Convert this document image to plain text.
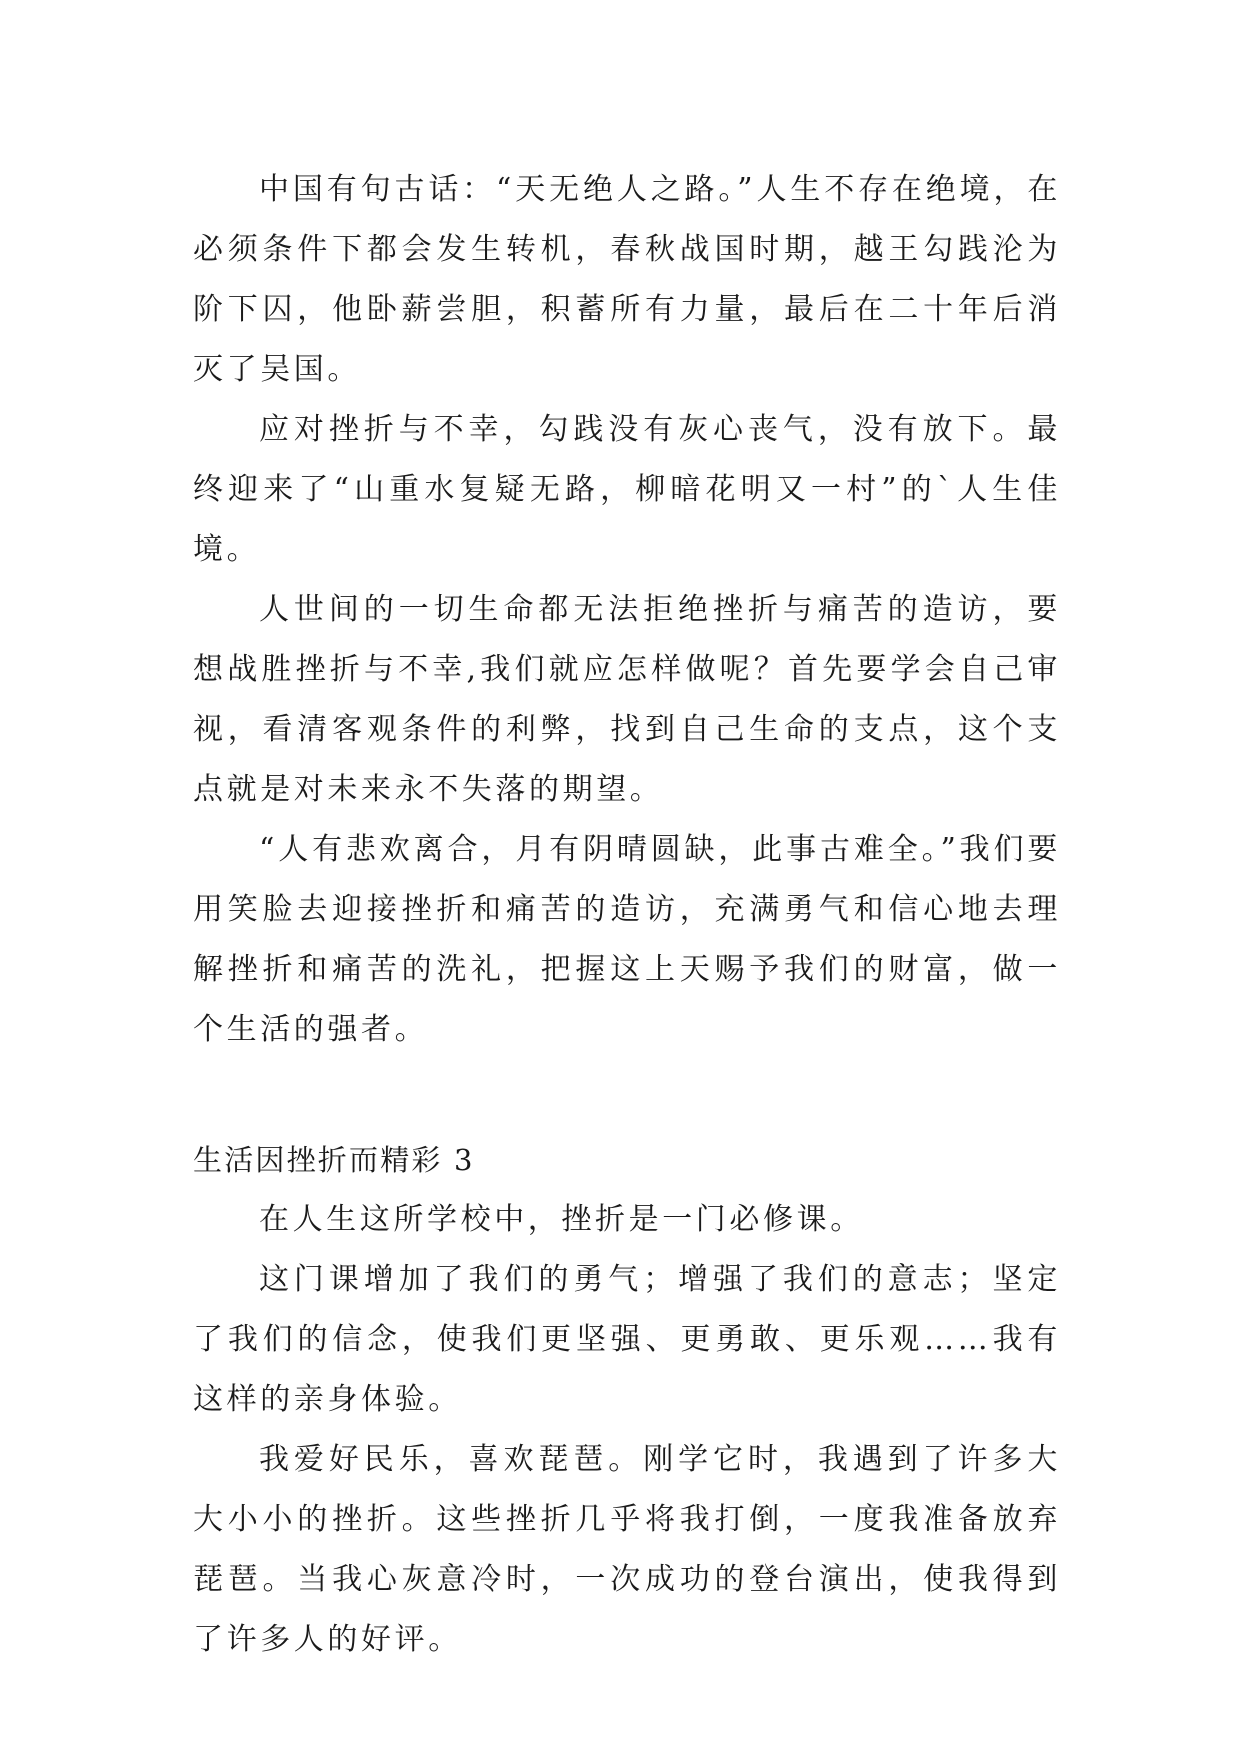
中国有句古话：“天无绝人之路。”人生不存在绝境，在必须条件下都会发生转机，春秋战国时期，越王勾践沦为阶下囚，他卧薪尝胆，积蓄所有力量，最后在二十年后消灭了吴国。

应对挫折与不幸，勾践没有灰心丧气，没有放下。最终迎来了“山重水复疑无路，柳暗花明又一村”的`人生佳境。

人世间的一切生命都无法拒绝挫折与痛苦的造访，要想战胜挫折与不幸,我们就应怎样做呢？首先要学会自己审视，看清客观条件的利弊，找到自己生命的支点，这个支点就是对未来永不失落的期望。

“人有悲欢离合，月有阴晴圆缺，此事古难全。”我们要用笑脸去迎接挫折和痛苦的造访，充满勇气和信心地去理解挫折和痛苦的洗礼，把握这上天赐予我们的财富，做一个生活的强者。

生活因挫折而精彩 3

在人生这所学校中，挫折是一门必修课。

这门课增加了我们的勇气；增强了我们的意志；坚定了我们的信念，使我们更坚强、更勇敢、更乐观……我有这样的亲身体验。

我爱好民乐，喜欢琵琶。刚学它时，我遇到了许多大大小小的挫折。这些挫折几乎将我打倒，一度我准备放弃琵琶。当我心灰意冷时，一次成功的登台演出，使我得到了许多人的好评。
